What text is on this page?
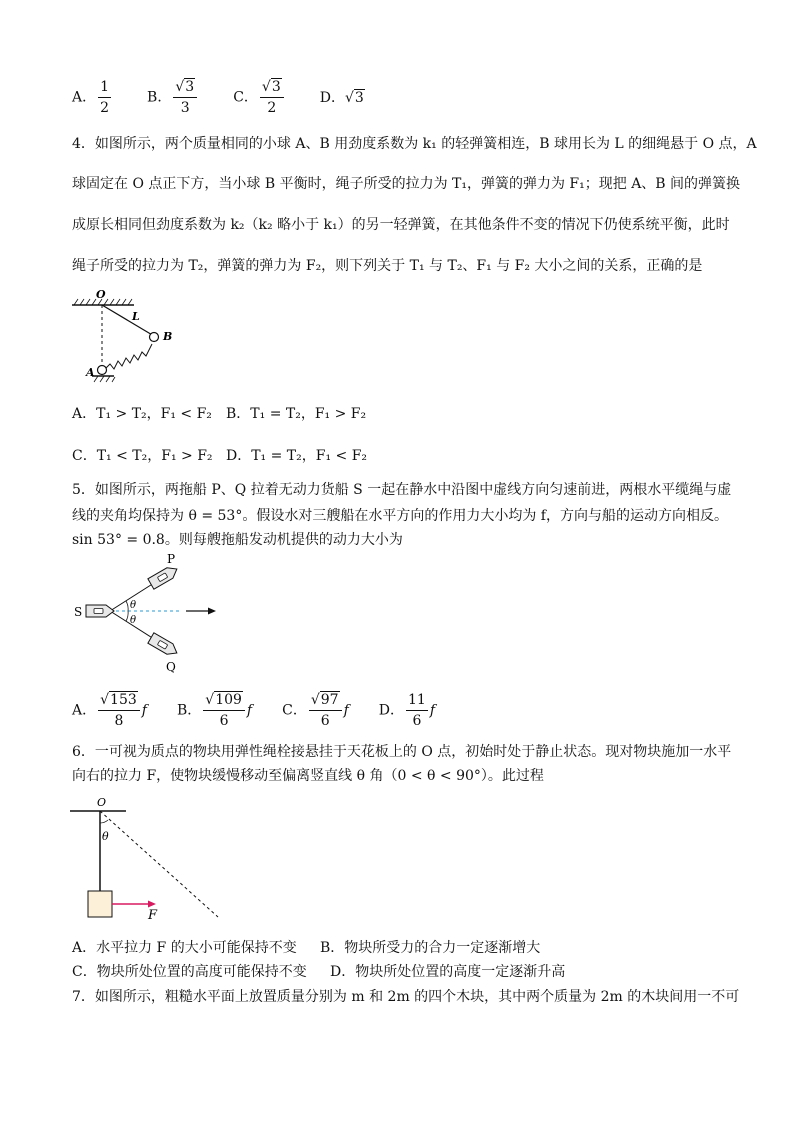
A． $\frac{1}{2}$	B． $\frac{√3}{3}$	C． $\frac{√3}{2}$	D．√3
4．如图所示，两个质量相同的小球 A、B 用劲度系数为 k₁ 的轻弹簧相连，B 球用长为 L 的细绳悬于 O 点，A
球固定在 O 点正下方，当小球 B 平衡时，绳子所受的拉力为 T₁，弹簧的弹力为 F₁；现把 A、B 间的弹簧换
成原长相同但劲度系数为 k₂（k₂ 略小于 k₁）的另一轻弹簧，在其他条件不变的情况下仍使系统平衡，此时
绳子所受的拉力为 T₂，弹簧的弹力为 F₂，则下列关于 T₁ 与 T₂、F₁ 与 F₂ 大小之间的关系，正确的是
O
L
B
A
A．T₁ > T₂，F₁ < F₂ B．T₁ = T₂，F₁ > F₂
C．T₁ < T₂，F₁ > F₂ D．T₁ = T₂，F₁ < F₂
5．如图所示，两拖船 P、Q 拉着无动力货船 S 一起在静水中沿图中虚线方向匀速前进，两根水平缆绳与虚
线的夹角均保持为 θ = 53°。假设水对三艘船在水平方向的作用力大小均为 f，方向与船的运动方向相反。
sin 53° = 0.8。则每艘拖船发动机提供的动力大小为
θ
θ
P
S
Q
A． $\frac{√153}{8}$ f B． $\frac{√109}{6}$ f C． $\frac{√97}{6}$ f D． $\frac{11}{6}$ f
6．一可视为质点的物块用弹性绳栓接悬挂于天花板上的 O 点，初始时处于静止状态。现对物块施加一水平
向右的拉力 F，使物块缓慢移动至偏离竖直线 θ 角（0 < θ < 90°）。此过程
O
θ
F
A．水平拉力 F 的大小可能保持不变 B．物块所受力的合力一定逐渐增大
C．物块所处位置的高度可能保持不变 D．物块所处位置的高度一定逐渐升高
7．如图所示，粗糙水平面上放置质量分别为 m 和 2m 的四个木块，其中两个质量为 2m 的木块间用一不可
